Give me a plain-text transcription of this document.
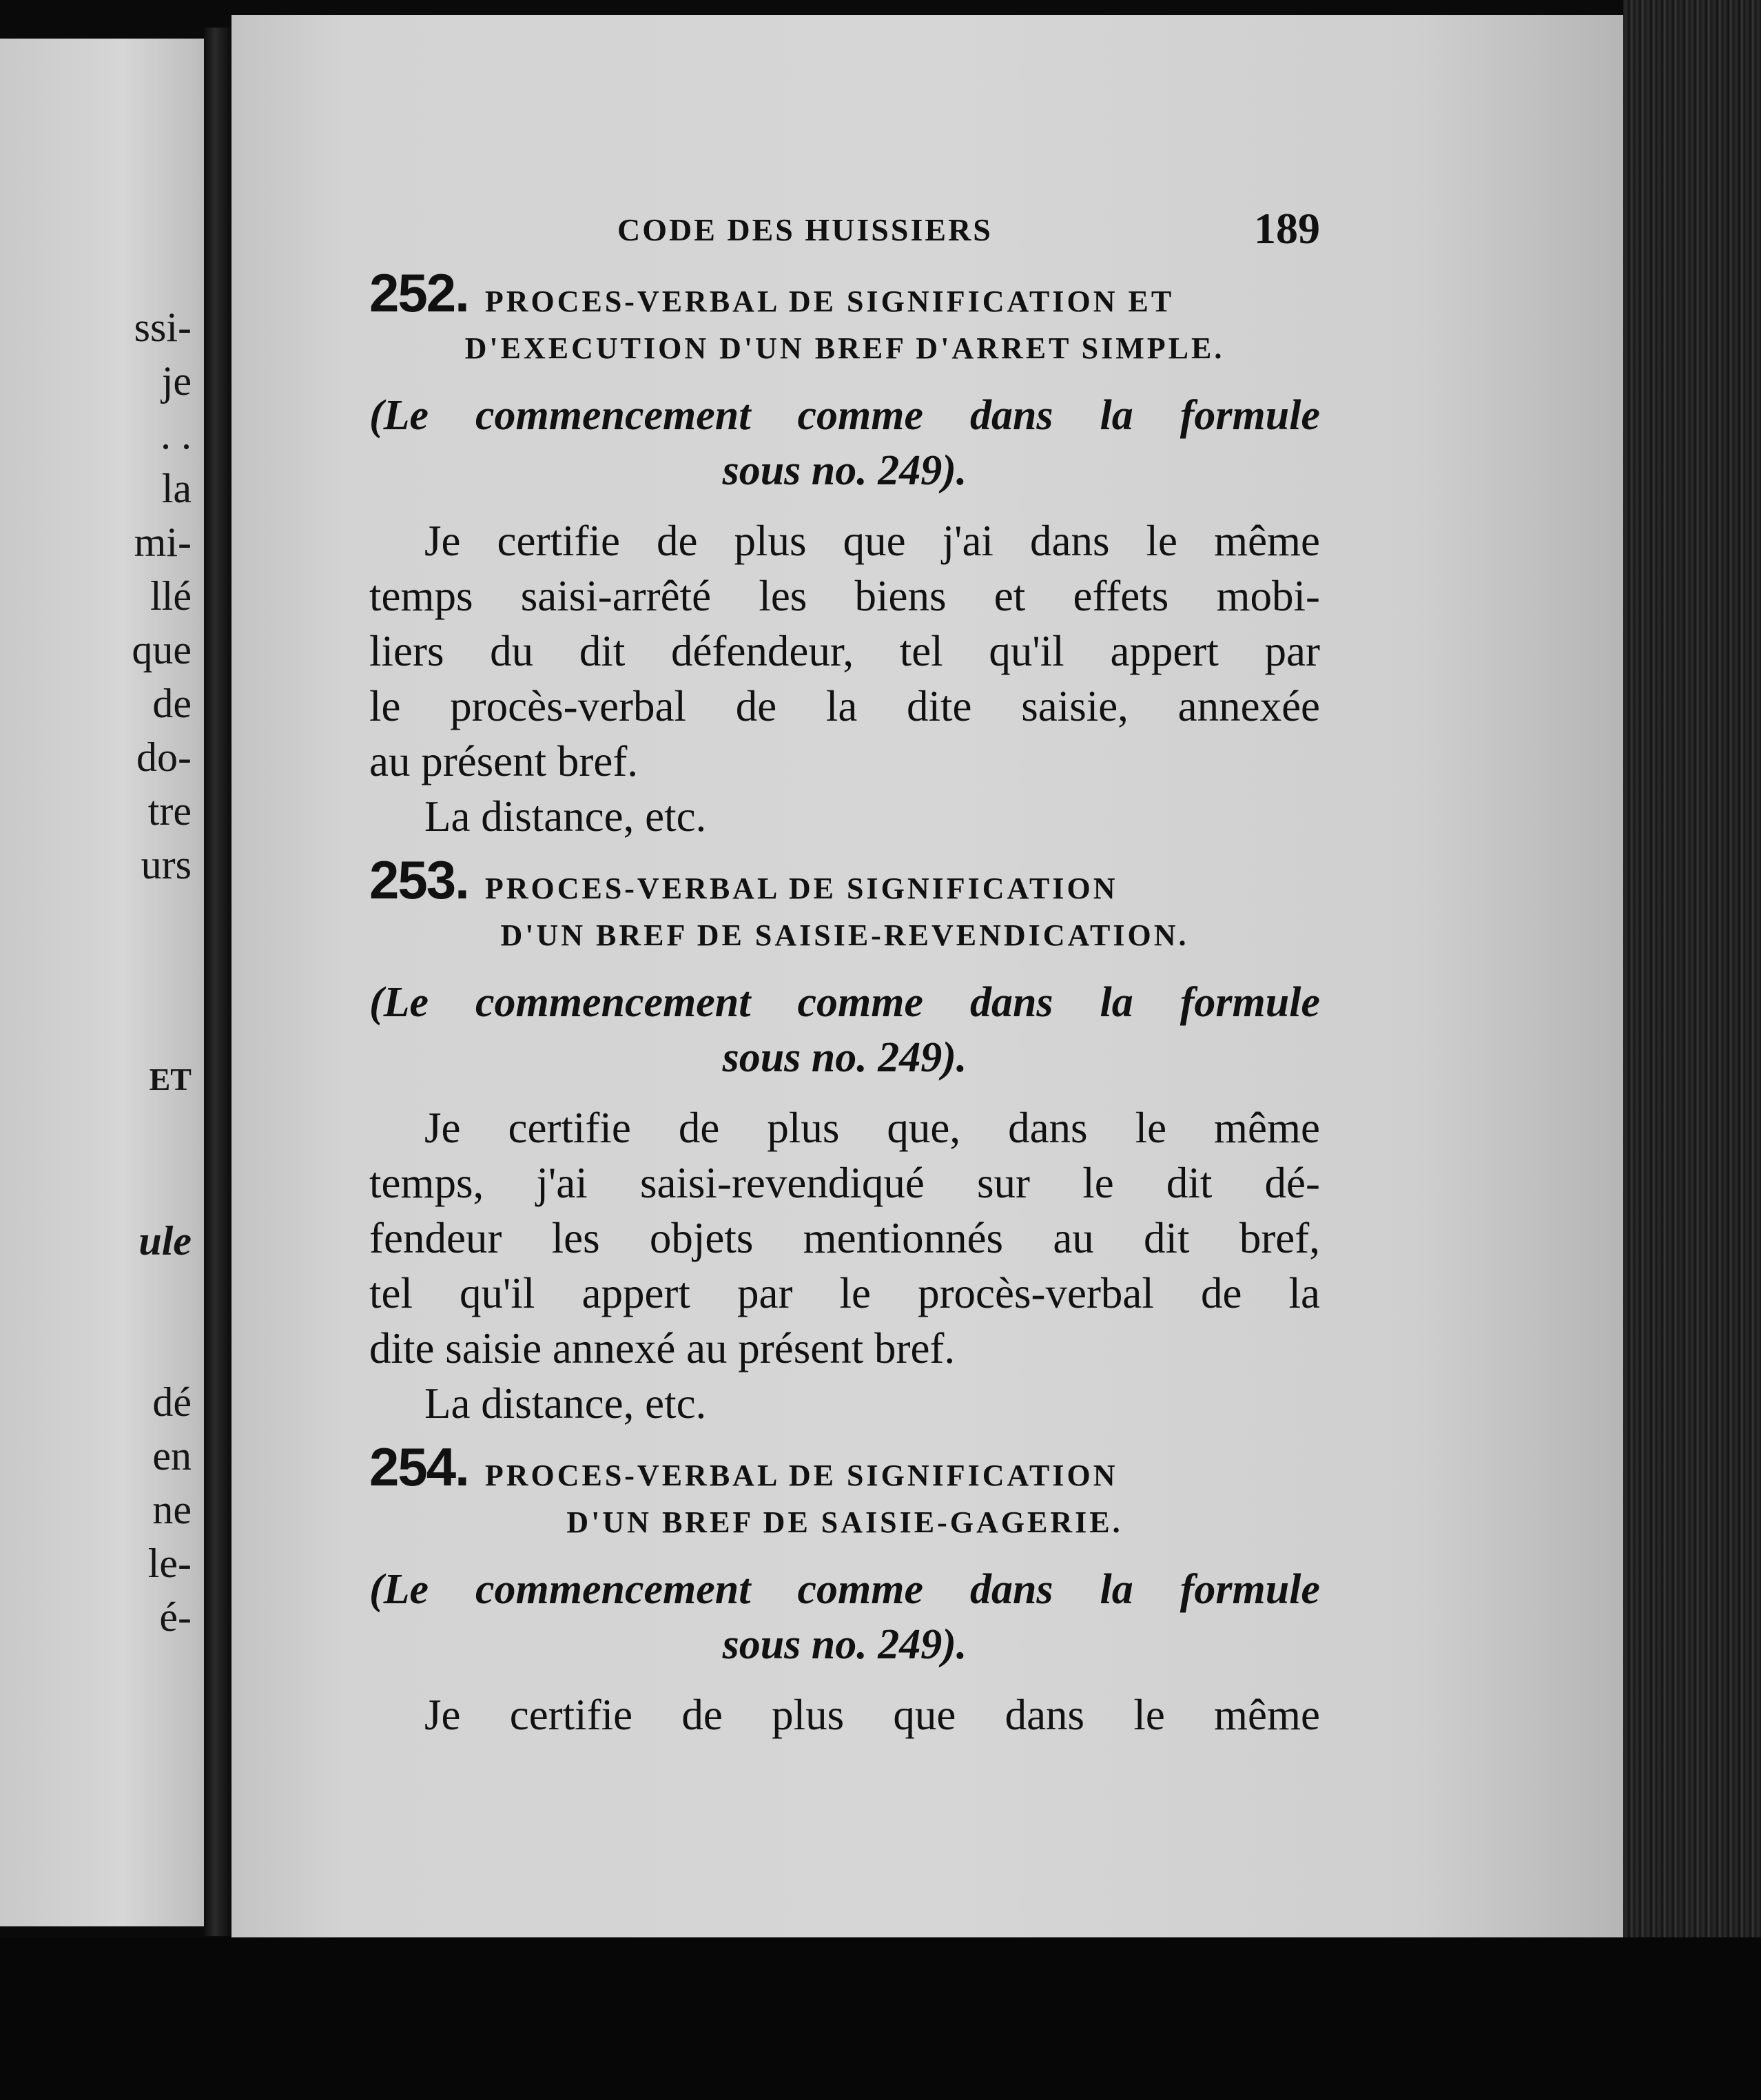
ssi-
je
. .
la
mi-
llé
que
de
do-
tre
urs
ET
ule
dé
en
ne
le-
é-
CODE DES HUISSIERS	189
252. PROCES-VERBAL DE SIGNIFICATION ET
D'EXECUTION D'UN BREF D'ARRET SIMPLE.
(Le commencement comme dans la formule
sous no. 249).
Je certifie de plus que j'ai dans le même
temps saisi-arrêté les biens et effets mobi-
liers du dit défendeur, tel qu'il appert par
le procès-verbal de la dite saisie, annexée
au présent bref.
La distance, etc.
253. PROCES-VERBAL DE SIGNIFICATION
D'UN BREF DE SAISIE-REVENDICATION.
(Le commencement comme dans la formule
sous no. 249).
Je certifie de plus que, dans le même
temps, j'ai saisi-revendiqué sur le dit dé-
fendeur les objets mentionnés au dit bref,
tel qu'il appert par le procès-verbal de la
dite saisie annexé au présent bref.
La distance, etc.
254. PROCES-VERBAL DE SIGNIFICATION
D'UN BREF DE SAISIE-GAGERIE.
(Le commencement comme dans la formule
sous no. 249).
Je certifie de plus que dans le même
